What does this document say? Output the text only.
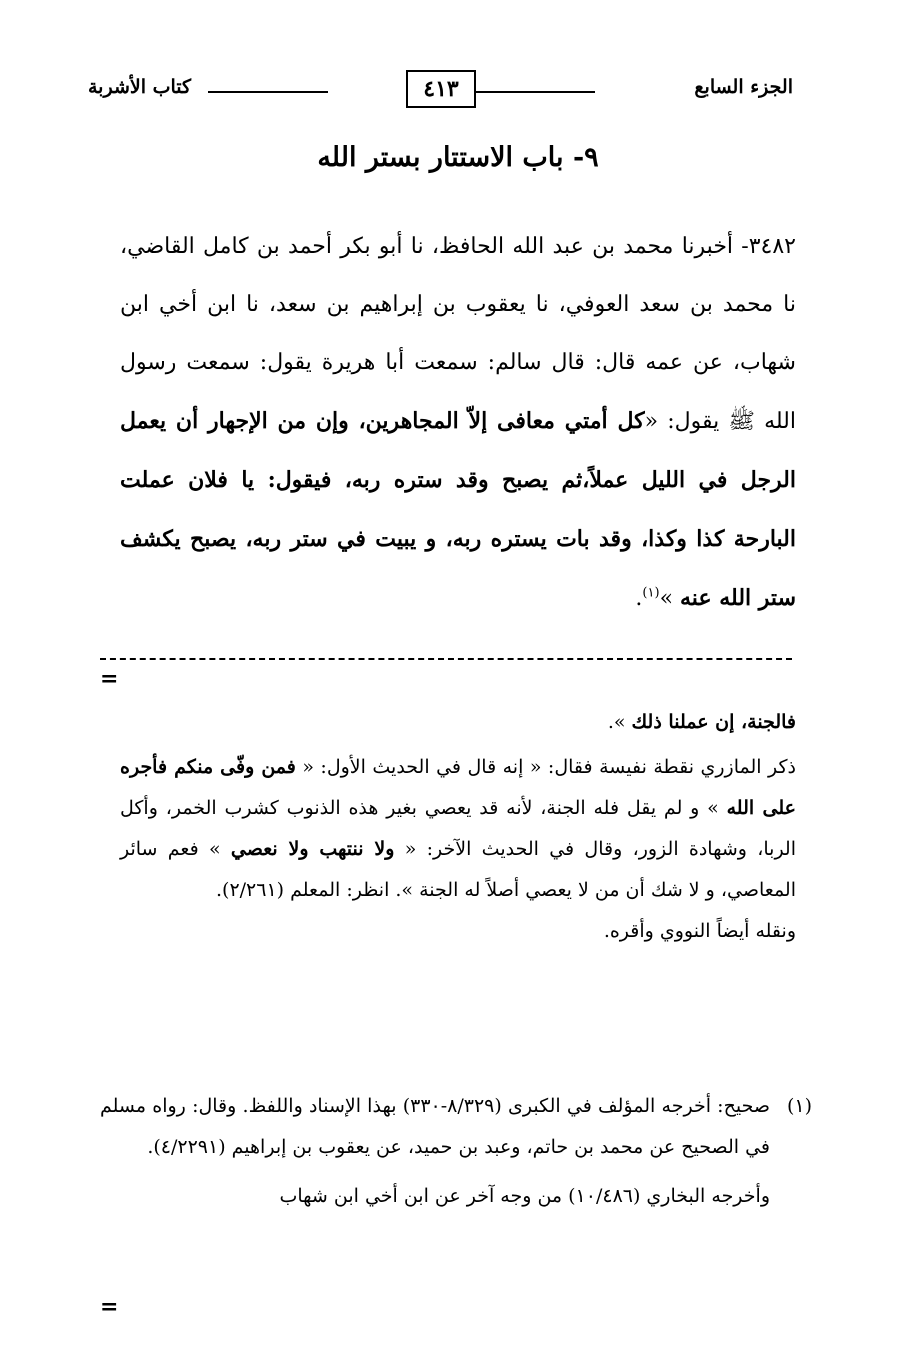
الجزء السابع
٤١٣
كتاب الأشربة
٩- باب الاستتار بستر الله

٣٤٨٢- أخبرنا محمد بن عبد الله الحافظ، نا أبو بكر أحمد بن كامل القاضي، نا محمد بن سعد العوفي، نا يعقوب بن إبراهيم بن سعد، نا ابن أخي ابن شهاب، عن عمه قال: قال سالم: سمعت أبا هريرة يقول: سمعت رسول الله ﷺ يقول: «كل أمتي معافى إلاّ المجاهرين، وإن من الإجهار أن يعمل الرجل في الليل عملاً،ثم يصبح وقد ستره ربه، فيقول: يا فلان عملت البارحة كذا وكذا، وقد بات يستره ربه، و يبيت في ستر ربه، يصبح يكشف ستر الله عنه »$^{(١)}$.

=

فالجنة، إن عملنا ذلك ».

ذكر المازري نقطة نفيسة فقال: « إنه قال في الحديث الأول: « فمن وفّى منكم فأجره على الله » و لم يقل فله الجنة، لأنه قد يعصي بغير هذه الذنوب كشرب الخمر، وأكل الربا، وشهادة الزور، وقال في الحديث الآخر: « ولا ننتهب ولا نعصي » فعم سائر المعاصي، و لا شك أن من لا يعصي أصلاً له الجنة ». انظر: المعلم (٢/٢٦١).

ونقله أيضاً النووي وأقره.

(١)
صحيح: أخرجه المؤلف في الكبرى (٨/٣٢٩-٣٣٠) بهذا الإسناد واللفظ. وقال: رواه مسلم في الصحيح عن محمد بن حاتم، وعبد بن حميد، عن يعقوب بن إبراهيم (٤/٢٢٩١).

وأخرجه البخاري (١٠/٤٨٦) من وجه آخر عن ابن أخي ابن شهاب

=
